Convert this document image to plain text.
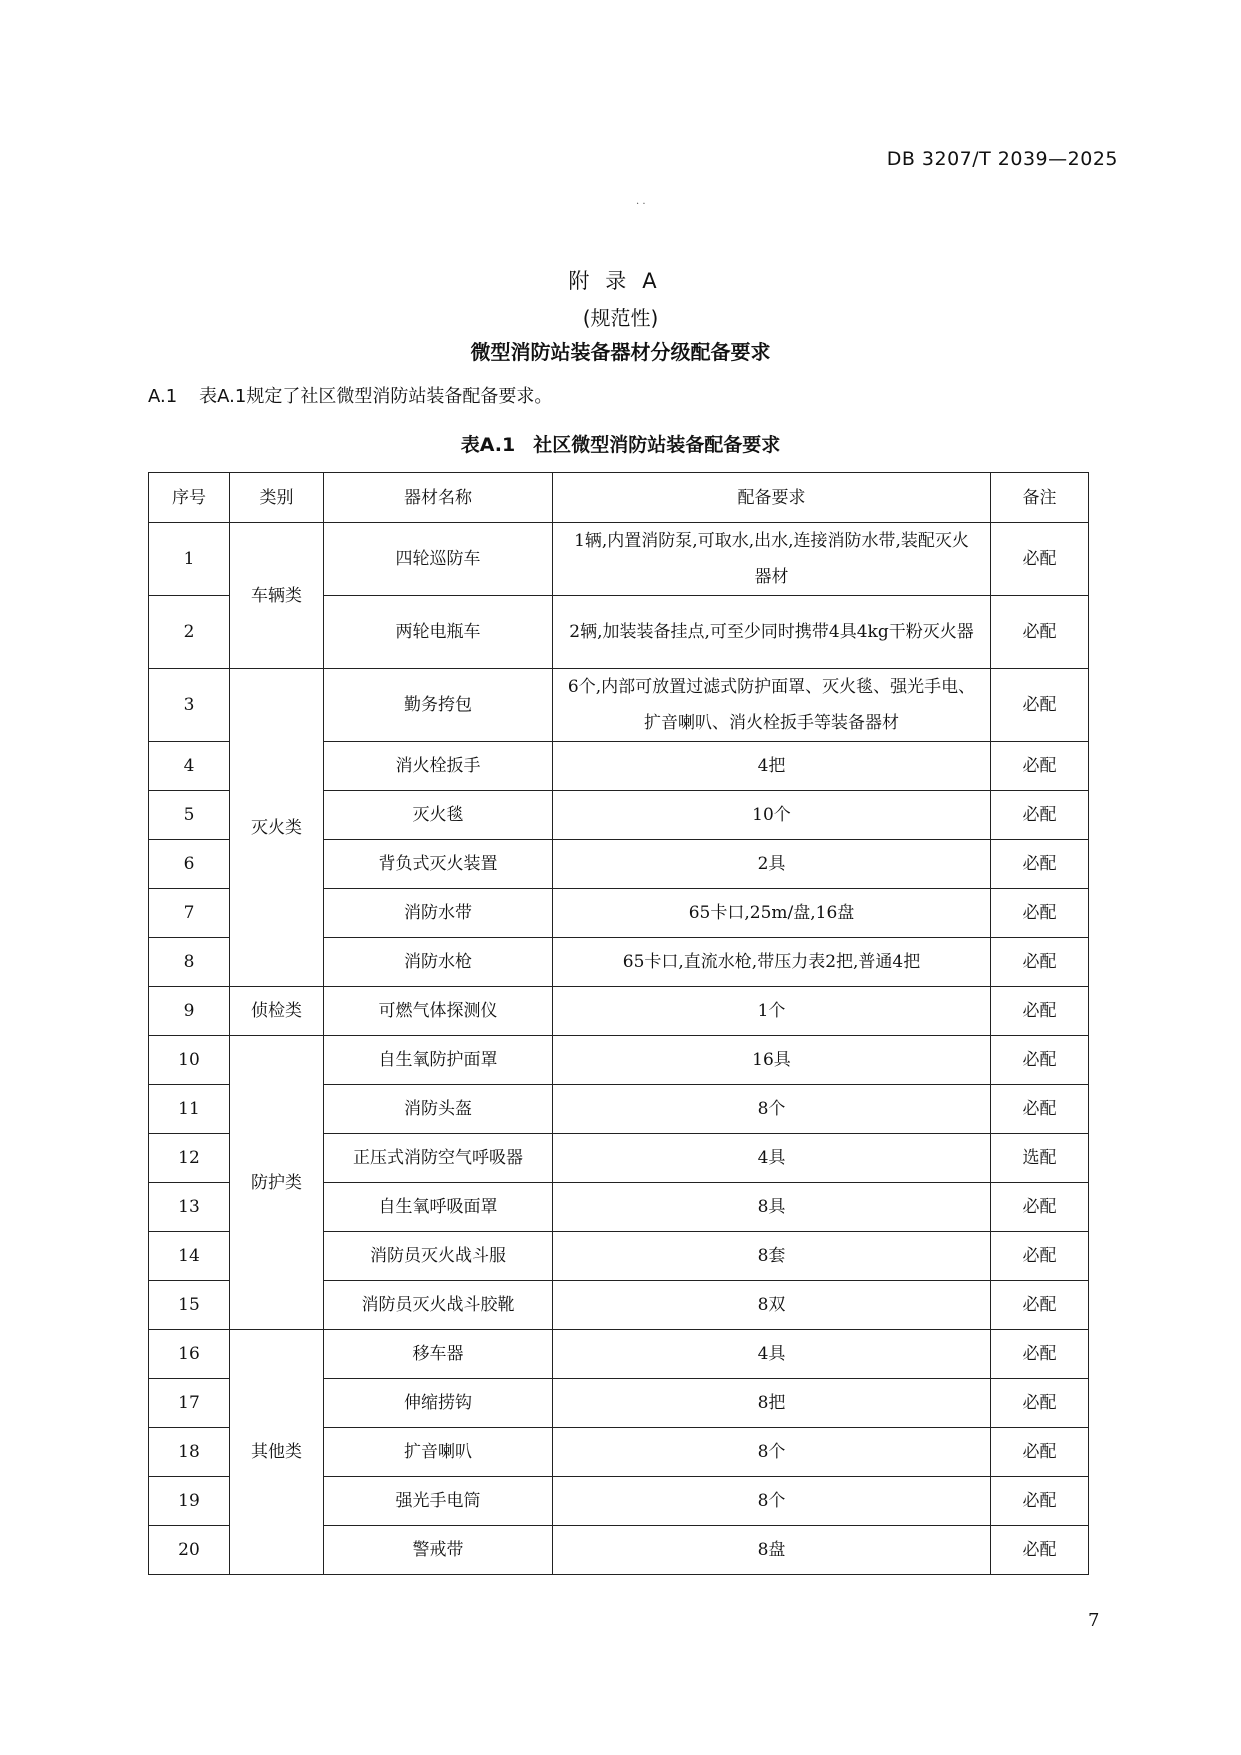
DB 3207/T 2039—2025
. .
附录A
(规范性)
微型消防站装备器材分级配备要求
A.1 表A.1规定了社区微型消防站装备配备要求。
表A.1 社区微型消防站装备配备要求
序号	类别	器材名称	配备要求	备注
1	车辆类	四轮巡防车	1辆,内置消防泵,可取水,出水,连接消防水带,装配灭火器材	必配
2		两轮电瓶车	2辆,加装装备挂点,可至少同时携带4具4kg干粉灭火器	必配
3	灭火类	勤务挎包	6个,内部可放置过滤式防护面罩、灭火毯、强光手电、扩音喇叭、消火栓扳手等装备器材	必配
4		消火栓扳手	4把	必配
5		灭火毯	10个	必配
6		背负式灭火装置	2具	必配
7		消防水带	65卡口,25m/盘,16盘	必配
8		消防水枪	65卡口,直流水枪,带压力表2把,普通4把	必配
9	侦检类	可燃气体探测仪	1个	必配
10	防护类	自生氧防护面罩	16具	必配
11		消防头盔	8个	必配
12		正压式消防空气呼吸器	4具	选配
13		自生氧呼吸面罩	8具	必配
14		消防员灭火战斗服	8套	必配
15		消防员灭火战斗胶靴	8双	必配
16	其他类	移车器	4具	必配
17		伸缩捞钩	8把	必配
18		扩音喇叭	8个	必配
19		强光手电筒	8个	必配
20		警戒带	8盘	必配
7
